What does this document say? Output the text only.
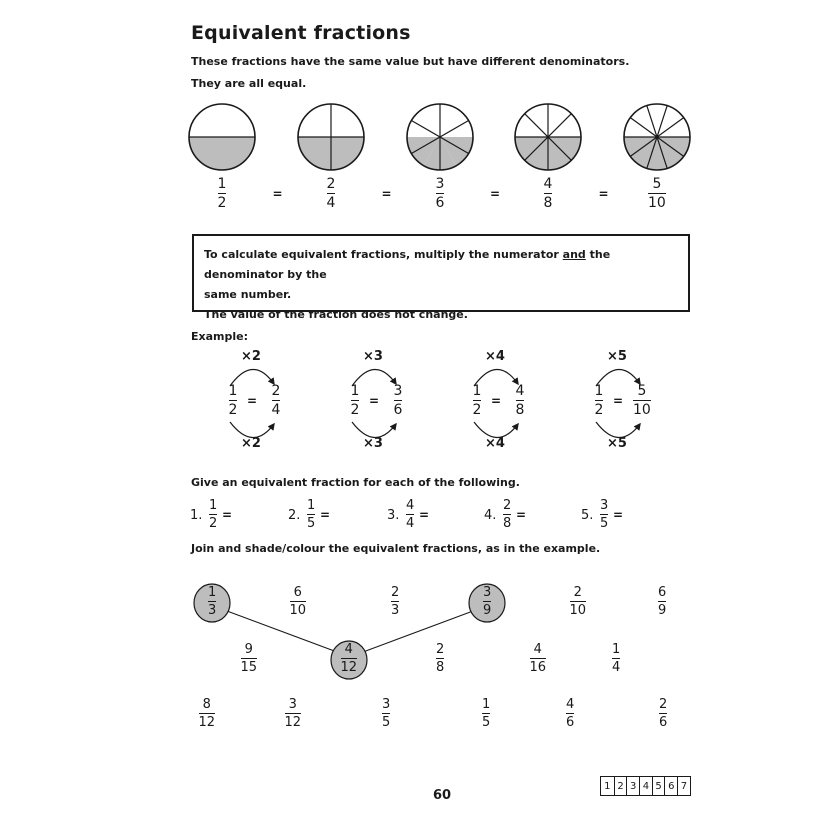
Equivalent fractions
These fractions have the same value but have different denominators.
They are all equal.
1
2
=
2
4
=
3
6
=
4
8
=
5
10
To calculate equivalent fractions, multiply the numerator and the denominator by the
same number.
The value of the fraction does not change.
Example:
×2
×2
1
2
=
2
4
×3
×3
1
2
=
3
6
×4
×4
1
2
=
4
8
×5
×5
1
2
=
5
10
Give an equivalent fraction for each of the following.
1.
1
2
=	2.
1
5
=	3.
4
4
=	4.
2
8
=	5.
3
5
=
Join and shade/colour the equivalent fractions, as in the example.
1
3
6
10
2
3
3
9
2
10
6
9
9
15
4
12
2
8
4
16
1
4
8
12
3
12
3
5
1
5
4
6
2
6
60
1 2 3 4 5 6 7
